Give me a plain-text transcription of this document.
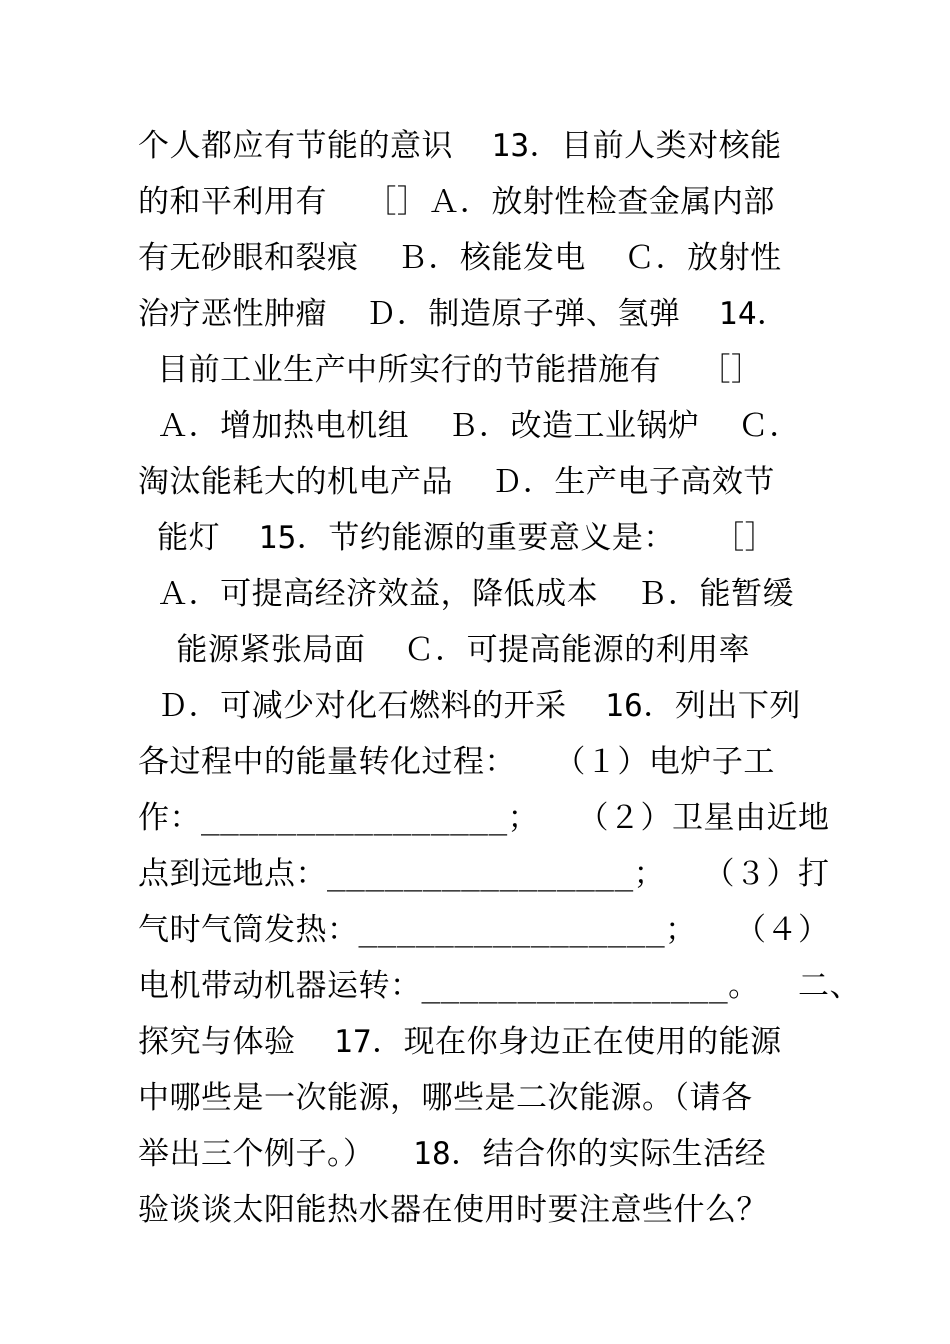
个人都应有节能的意识  13．目前人类对核能
的和平利用有  ［］Ａ．放射性检查金属内部
有无砂眼和裂痕  Ｂ．核能发电  Ｃ．放射性
治疗恶性肿瘤  Ｄ．制造原子弹、氢弹  14．
目前工业生产中所实行的节能措施有  ［］
Ａ．增加热电机组  Ｂ．改造工业锅炉  Ｃ．
淘汰能耗大的机电产品  Ｄ．生产电子高效节
能灯  15．节约能源的重要意义是：  ［］
Ａ．可提高经济效益，降低成本  Ｂ．能暂缓
能源紧张局面  Ｃ．可提高能源的利用率
Ｄ．可减少对化石燃料的开采  16．列出下列
各过程中的能量转化过程：  （１）电炉子工
作：________________；  （２）卫星由近地
点到远地点：________________；  （３）打
气时气筒发热：________________；  （４）
电机带动机器运转：________________。  二、
探究与体验  17．现在你身边正在使用的能源
中哪些是一次能源，哪些是二次能源。（请各
举出三个例子。）  18．结合你的实际生活经
验谈谈太阳能热水器在使用时要注意些什么？
